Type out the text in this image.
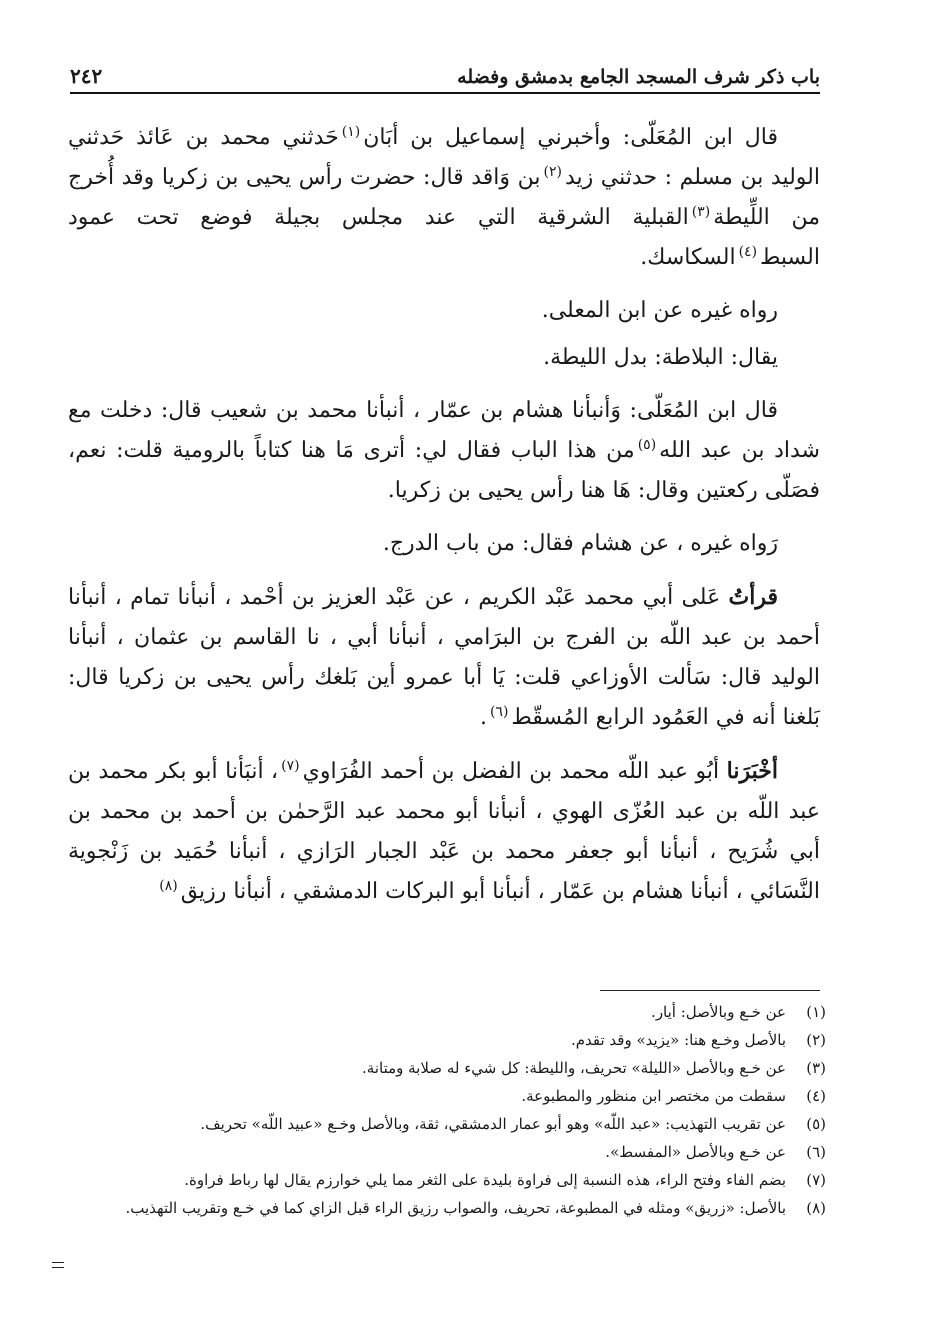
باب ذكر شرف المسجد الجامع بدمشق وفضله
٢٤٢

قال ابن المُعَلّى: وأخبرني إسماعيل بن أبَان$^{(١)}$حَدثني محمد بن عَائذ حَدثني الوليد بن مسلم : حدثني زيد$^{(٢)}$بن وَاقد قال: حضرت رأس يحيى بن زكريا وقد أُخرج من اللِّيطة$^{(٣)}$القبلية الشرقية التي عند مجلس بجيلة فوضع تحت عمود السبط$^{(٤)}$السكاسك.

رواه غيره عن ابن المعلى.

يقال: البلاطة: بدل الليطة.

قال ابن المُعَلّى: وَأنبأنا هشام بن عمّار ، أنبأنا محمد بن شعيب قال: دخلت مع شداد بن عبد الله$^{(٥)}$من هذا الباب فقال لي: أترى مَا هنا كتاباً بالرومية قلت: نعم، فصَلّى ركعتين وقال: هَا هنا رأس يحيى بن زكريا.

رَواه غيره ، عن هشام فقال: من باب الدرج.

قرأتُ عَلى أبي محمد عَبْد الكريم ، عن عَبْد العزيز بن أحْمد ، أنبأنا تمام ، أنبأنا أحمد بن عبد اللّه بن الفرج بن البرَامي ، أنبأنا أبي ، نا القاسم بن عثمان ، أنبأنا الوليد قال: سَألت الأوزاعي قلت: يَا أبا عمرو أين بَلغك رأس يحيى بن زكريا قال: بَلغنا أنه في العَمُود الرابع المُسقّط$^{(٦)}$.

أخْبَرَنا أبُو عبد اللّه محمد بن الفضل بن أحمد الفُرَاوي$^{(٧)}$، أنبَأنا أبو بكر محمد بن عبد اللّه بن عبد العُزّى الهوي ، أنبأنا أبو محمد عبد الرَّحمٰن بن أحمد بن محمد بن أبي شُرَيح ، أنبأنا أبو جعفر محمد بن عَبْد الجبار الرَازي ، أنبأنا حُمَيد بن زَنْجوية النَّسَائي ، أنبأنا هشام بن عَمّار ، أنبأنا أبو البركات الدمشقي ، أنبأنا رزيق$^{(٨)}$

(١)
عن خـع وبالأصل: أيار.
(٢)
بالأصل وخـع هنا: «يزيد» وقد تقدم.
(٣)
عن خـع وبالأصل «الليلة» تحريف، والليطة: كل شيء له صلابة ومتانة.
(٤)
سقطت من مختصر ابن منظور والمطبوعة.
(٥)
عن تقريب التهذيب: «عبد اللّه» وهو أبو عمار الدمشقي، ثقة، وبالأصل وخـع «عبيد اللّه» تحريف.
(٦)
عن خـع وبالأصل «المفسط».
(٧)
بضم الفاء وفتح الراء، هذه النسبة إلى فراوة بليدة على الثغر مما يلي خوارزم يقال لها رباط فراوة.
(٨)
بالأصل: «زريق» ومثله في المطبوعة، تحريف، والصواب رزيق الراء قبل الزاي كما في خـع وتقريب التهذيب.
